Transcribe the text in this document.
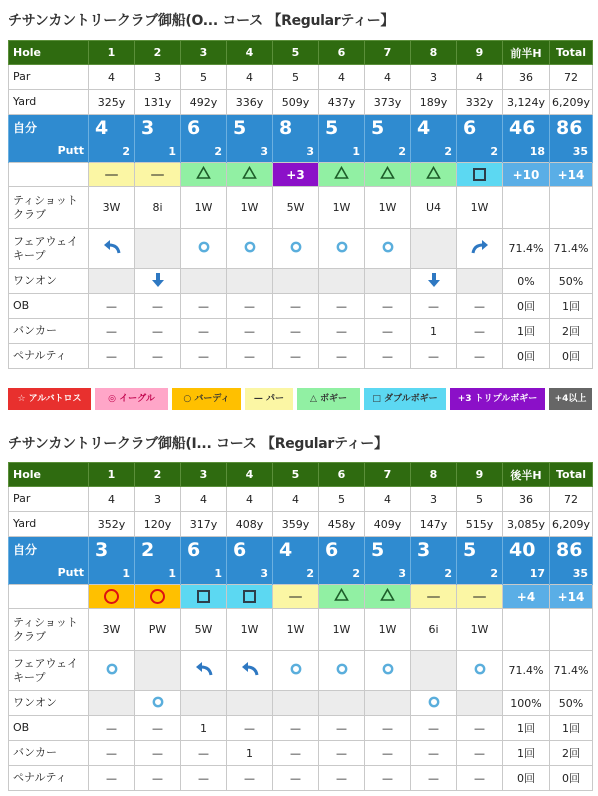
チサンカントリークラブ御船(O... コース 【Regularティー】
Hole	1	2	3	4	5	6	7	8	9	前半H	Total
Par	4	3	5	4	5	4	4	3	4	36	72
Yard	325y	131y	492y	336y	509y	437y	373y	189y	332y	3,124y	6,209y
自分	4	3	6	5	8	5	5	4	6	46	86
Putt	2	1	2	3	3	1	2	2	2	18	35
	—	—			+3					+10	+14
ティショット
クラブ	3W	8i	1W	1W	5W	1W	1W	U4	1W		
フェアウェイ
キープ										71.4%	71.4%
ワンオン										0%	50%
OB	—	—	—	—	—	—	—	—	—	0回	1回
バンカー	—	—	—	—	—	—	—	1	—	1回	2回
ペナルティ	—	—	—	—	—	—	—	—	—	0回	0回
☆ アルバトロス	◎ イーグル	○ バーディ	— パー	△ ボギー	□ ダブルボギー	+3 トリプルボギー	+4以上
チサンカントリークラブ御船(I... コース 【Regularティー】
Hole	1	2	3	4	5	6	7	8	9	後半H	Total
Par	4	3	4	4	4	5	4	3	5	36	72
Yard	352y	120y	317y	408y	359y	458y	409y	147y	515y	3,085y	6,209y
自分	3	2	6	6	4	6	5	3	5	40	86
Putt	1	1	1	3	2	2	3	2	2	17	35
					—			—	—	+4	+14
ティショット
クラブ	3W	PW	5W	1W	1W	1W	1W	6i	1W		
フェアウェイ
キープ										71.4%	71.4%
ワンオン										100%	50%
OB	—	—	1	—	—	—	—	—	—	1回	1回
バンカー	—	—	—	1	—	—	—	—	—	1回	2回
ペナルティ	—	—	—	—	—	—	—	—	—	0回	0回
